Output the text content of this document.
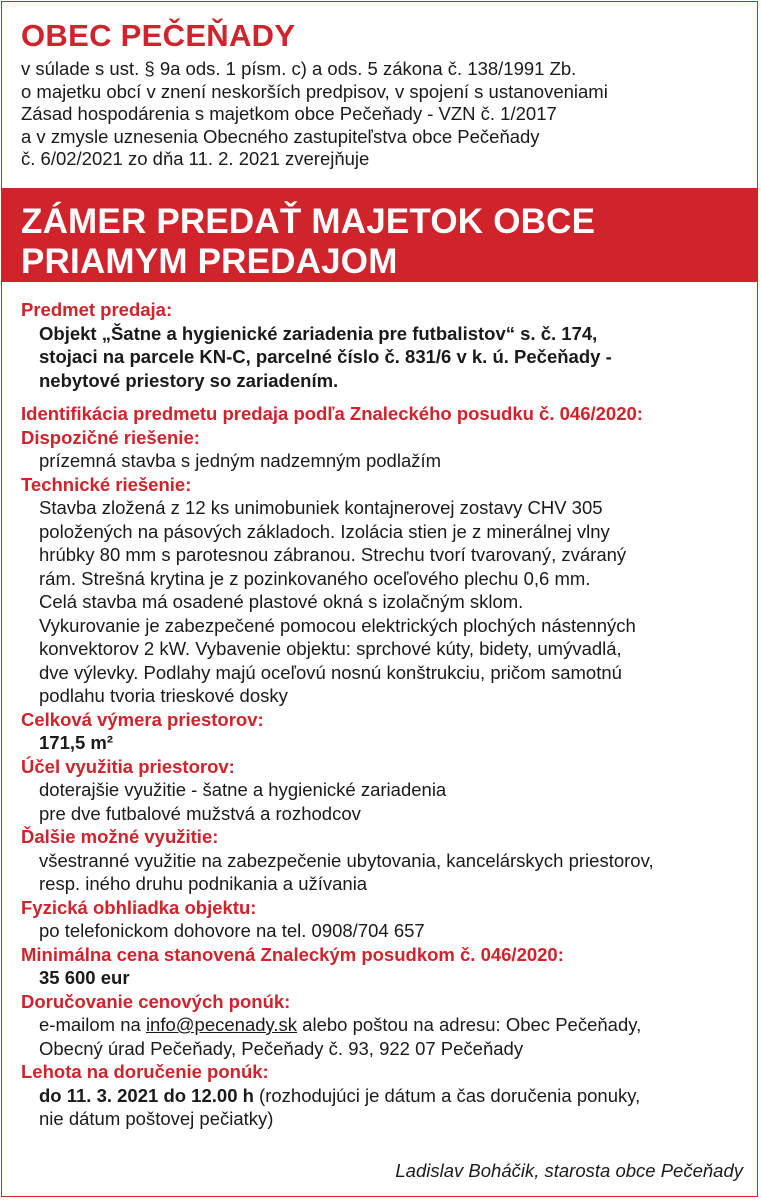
OBEC PEČEŇADY
v súlade s ust. § 9a ods. 1 písm. c) a ods. 5 zákona č. 138/1991 Zb.
o majetku obcí v znení neskorších predpisov, v spojení s ustanoveniami
Zásad hospodárenia s majetkom obce Pečeňady - VZN č. 1/2017
a v zmysle uznesenia Obecného zastupiteľstva obce Pečeňady
č. 6/02/2021 zo dňa 11. 2. 2021 zverejňuje
ZÁMER PREDAŤ MAJETOK OBCE
PRIAMYM PREDAJOM
Predmet predaja:
Objekt „Šatne a hygienické zariadenia pre futbalistov“ s. č. 174,
stojaci na parcele KN-C, parcelné číslo č. 831/6 v k. ú. Pečeňady -
nebytové priestory so zariadením.
Identifikácia predmetu predaja podľa Znaleckého posudku č. 046/2020:
Dispozičné riešenie:
prízemná stavba s jedným nadzemným podlažím
Technické riešenie:
Stavba zložená z 12 ks unimobuniek kontajnerovej zostavy CHV 305
položených na pásových základoch. Izolácia stien je z minerálnej vlny
hrúbky 80 mm s parotesnou zábranou. Strechu tvorí tvarovaný, zváraný
rám. Strešná krytina je z pozinkovaného oceľového plechu 0,6 mm.
Celá stavba má osadené plastové okná s izolačným sklom.
Vykurovanie je zabezpečené pomocou elektrických plochých nástenných
konvektorov 2 kW. Vybavenie objektu: sprchové kúty, bidety, umývadlá,
dve výlevky. Podlahy majú oceľovú nosnú konštrukciu, pričom samotnú
podlahu tvoria trieskové dosky
Celková výmera priestorov:
171,5 m²
Účel využitia priestorov:
doterajšie využitie - šatne a hygienické zariadenia
pre dve futbalové mužstvá a rozhodcov
Ďalšie možné využitie:
všestranné využitie na zabezpečenie ubytovania, kancelárskych priestorov,
resp. iného druhu podnikania a užívania
Fyzická obhliadka objektu:
po telefonickom dohovore na tel. 0908/704 657
Minimálna cena stanovená Znaleckým posudkom č. 046/2020:
35 600 eur
Doručovanie cenových ponúk:
e-mailom na info@pecenady.sk alebo poštou na adresu: Obec Pečeňady,
Obecný úrad Pečeňady, Pečeňady č. 93, 922 07 Pečeňady
Lehota na doručenie ponúk:
do 11. 3. 2021 do 12.00 h (rozhodujúci je dátum a čas doručenia ponuky,
nie dátum poštovej pečiatky)
Ladislav Boháčik, starosta obce Pečeňady
